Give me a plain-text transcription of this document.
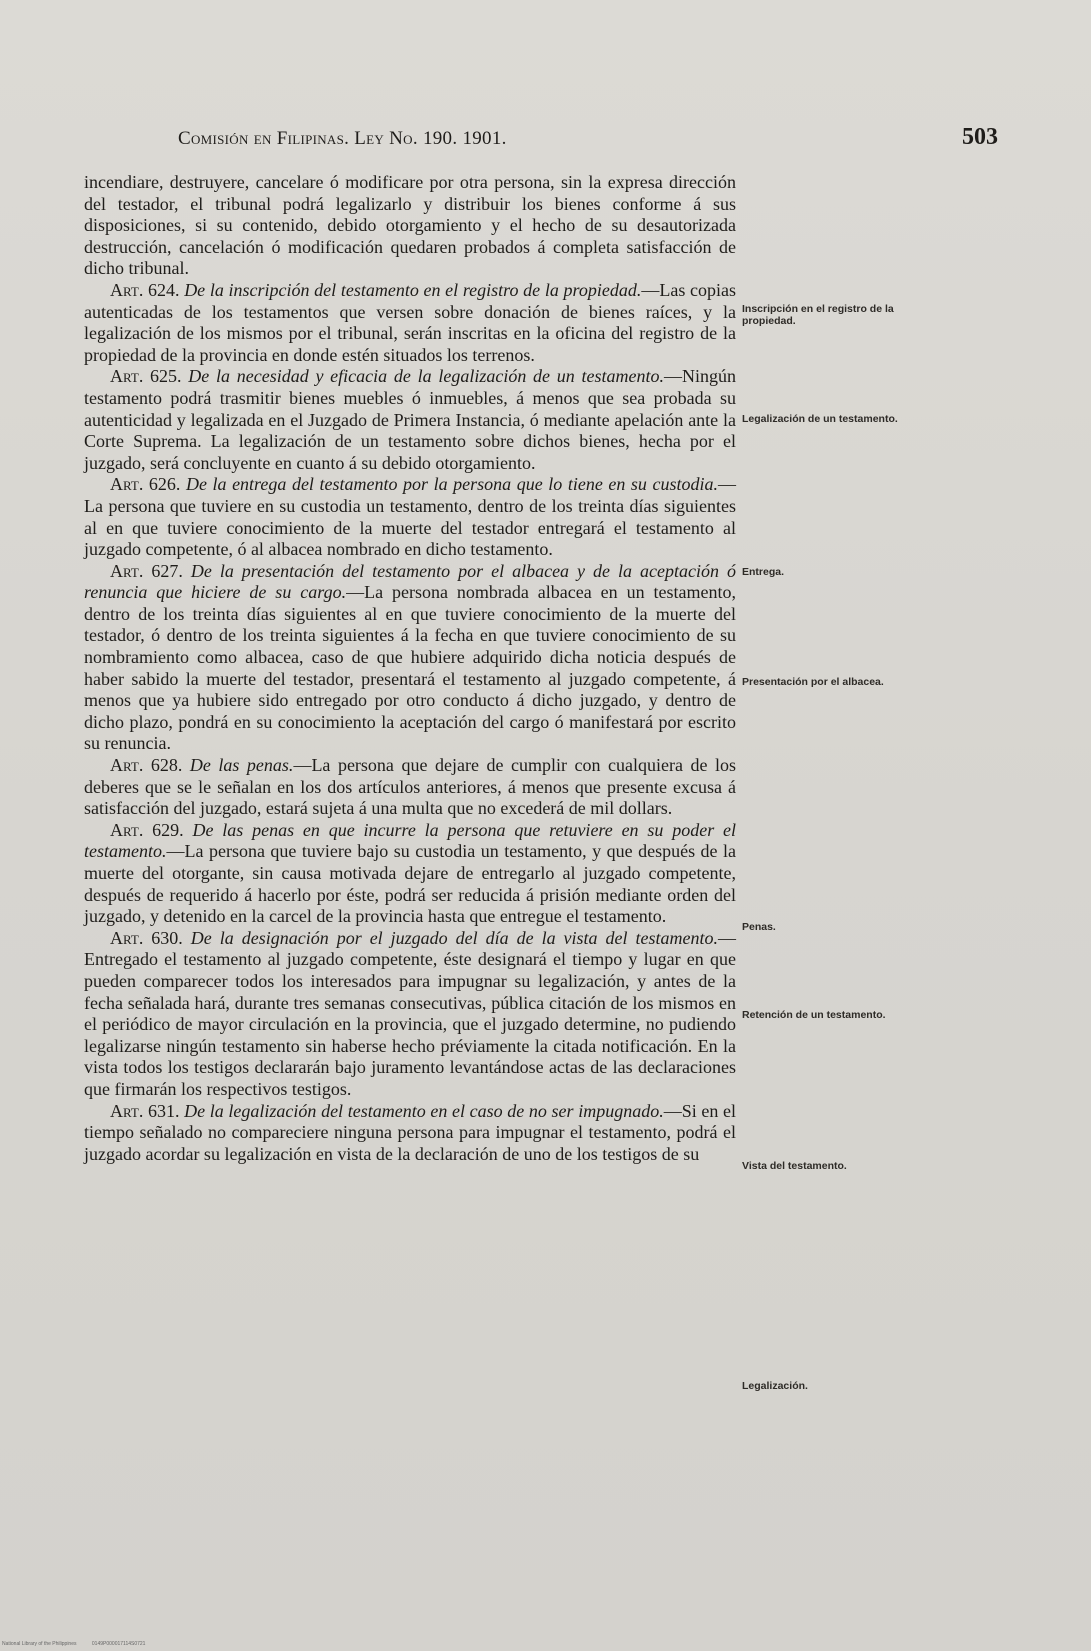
Comisión en Filipinas. Ley No. 190. 1901.	503

incendiare, destruyere, cancelare ó modificare por otra persona, sin la expresa dirección del testador, el tribunal podrá legalizarlo y distribuir los bienes conforme á sus disposiciones, si su contenido, debido otorgamiento y el hecho de su desautorizada destrucción, cancelación ó modificación quedaren probados á completa satisfacción de dicho tribunal.

Art. 624. De la inscripción del testamento en el registro de la propiedad.—Las copias autenticadas de los testamentos que versen sobre donación de bienes raíces, y la legalización de los mismos por el tribunal, serán inscritas en la oficina del registro de la propiedad de la provincia en donde estén situados los terrenos.

Art. 625. De la necesidad y eficacia de la legalización de un testamento.—Ningún testamento podrá trasmitir bienes muebles ó inmuebles, á menos que sea probada su autenticidad y legalizada en el Juzgado de Primera Instancia, ó mediante apelación ante la Corte Suprema. La legalización de un testamento sobre dichos bienes, hecha por el juzgado, será concluyente en cuanto á su debido otorgamiento.

Art. 626. De la entrega del testamento por la persona que lo tiene en su custodia.—La persona que tuviere en su custodia un testamento, dentro de los treinta días siguientes al en que tuviere conocimiento de la muerte del testador entregará el testamento al juzgado competente, ó al albacea nombrado en dicho testamento.

Art. 627. De la presentación del testamento por el albacea y de la aceptación ó renuncia que hiciere de su cargo.—La persona nombrada albacea en un testamento, dentro de los treinta días siguientes al en que tuviere conocimiento de la muerte del testador, ó dentro de los treinta siguientes á la fecha en que tuviere conocimiento de su nombramiento como albacea, caso de que hubiere adquirido dicha noticia después de haber sabido la muerte del testador, presentará el testamento al juzgado competente, á menos que ya hubiere sido entregado por otro conducto á dicho juzgado, y dentro de dicho plazo, pondrá en su conocimiento la aceptación del cargo ó manifestará por escrito su renuncia.

Art. 628. De las penas.—La persona que dejare de cumplir con cualquiera de los deberes que se le señalan en los dos artículos anteriores, á menos que presente excusa á satisfacción del juzgado, estará sujeta á una multa que no excederá de mil dollars.

Art. 629. De las penas en que incurre la persona que retuviere en su poder el testamento.—La persona que tuviere bajo su custodia un testamento, y que después de la muerte del otorgante, sin causa motivada dejare de entregarlo al juzgado competente, después de requerido á hacerlo por éste, podrá ser reducida á prisión mediante orden del juzgado, y detenido en la carcel de la provincia hasta que entregue el testamento.

Art. 630. De la designación por el juzgado del día de la vista del testamento.—Entregado el testamento al juzgado competente, éste designará el tiempo y lugar en que pueden comparecer todos los interesados para impugnar su legalización, y antes de la fecha señalada hará, durante tres semanas consecutivas, pública citación de los mismos en el periódico de mayor circulación en la provincia, que el juzgado determine, no pudiendo legalizarse ningún testamento sin haberse hecho préviamente la citada notificación. En la vista todos los testigos declararán bajo juramento levantándose actas de las declaraciones que firmarán los respectivos testigos.

Art. 631. De la legalización del testamento en el caso de no ser impugnado.—Si en el tiempo señalado no compareciere ninguna persona para impugnar el testamento, podrá el juzgado acordar su legalización en vista de la declaración de uno de los testigos de su

Inscripción en el registro de la propiedad.
Legalización de un testamento.
Entrega.
Presentación por el albacea.
Penas.
Retención de un testamento.
Vista del testamento.
Legalización.
National Library of the Philippines	0149P000017114S0721
